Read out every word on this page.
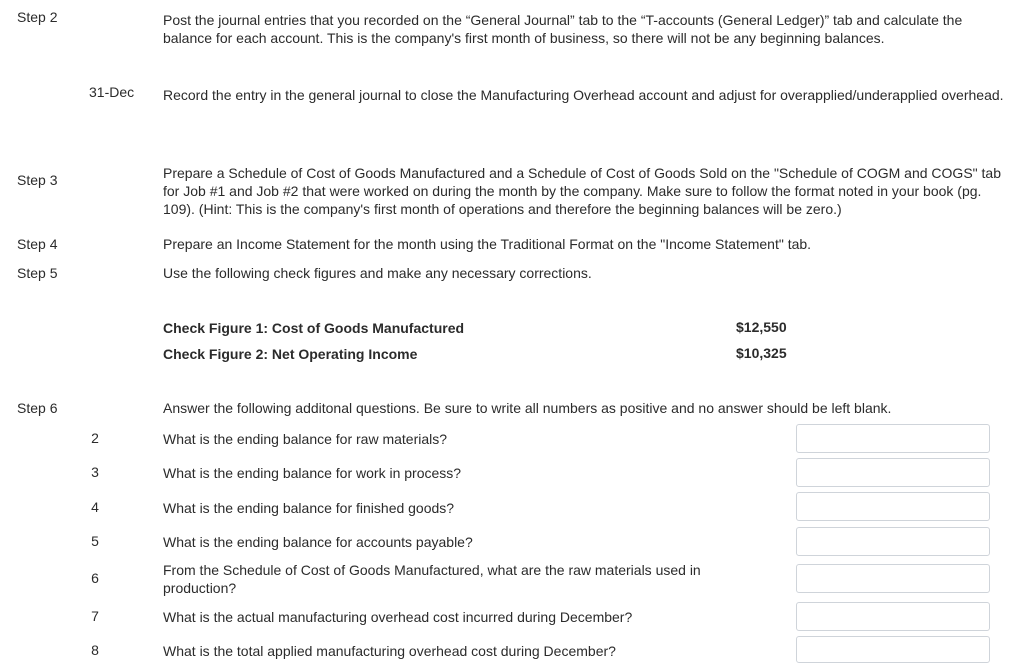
Step 2	Post the journal entries that you recorded on the “General Journal” tab to the “T-accounts (General Ledger)” tab and calculate the balance for each account. This is the company's first month of business, so there will not be any beginning balances.
31-Dec Record the entry in the general journal to close the Manufacturing Overhead account and adjust for overapplied/underapplied overhead.
Step 3	Prepare a Schedule of Cost of Goods Manufactured and a Schedule of Cost of Goods Sold on the "Schedule of COGM and COGS" tab for Job #1 and Job #2 that were worked on during the month by the company. Make sure to follow the format noted in your book (pg. 109). (Hint: This is the company's first month of operations and therefore the beginning balances will be zero.)
Step 4	Prepare an Income Statement for the month using the Traditional Format on the "Income Statement" tab.
Step 5	Use the following check figures and make any necessary corrections.
Check Figure 1: Cost of Goods Manufactured	$12,550
Check Figure 2: Net Operating Income	$10,325
Step 6	Answer the following additonal questions. Be sure to write all numbers as positive and no answer should be left blank.
2	What is the ending balance for raw materials?
3	What is the ending balance for work in process?
4	What is the ending balance for finished goods?
5	What is the ending balance for accounts payable?
6	From the Schedule of Cost of Goods Manufactured, what are the raw materials used in production?
7	What is the actual manufacturing overhead cost incurred during December?
8	What is the total applied manufacturing overhead cost during December?
